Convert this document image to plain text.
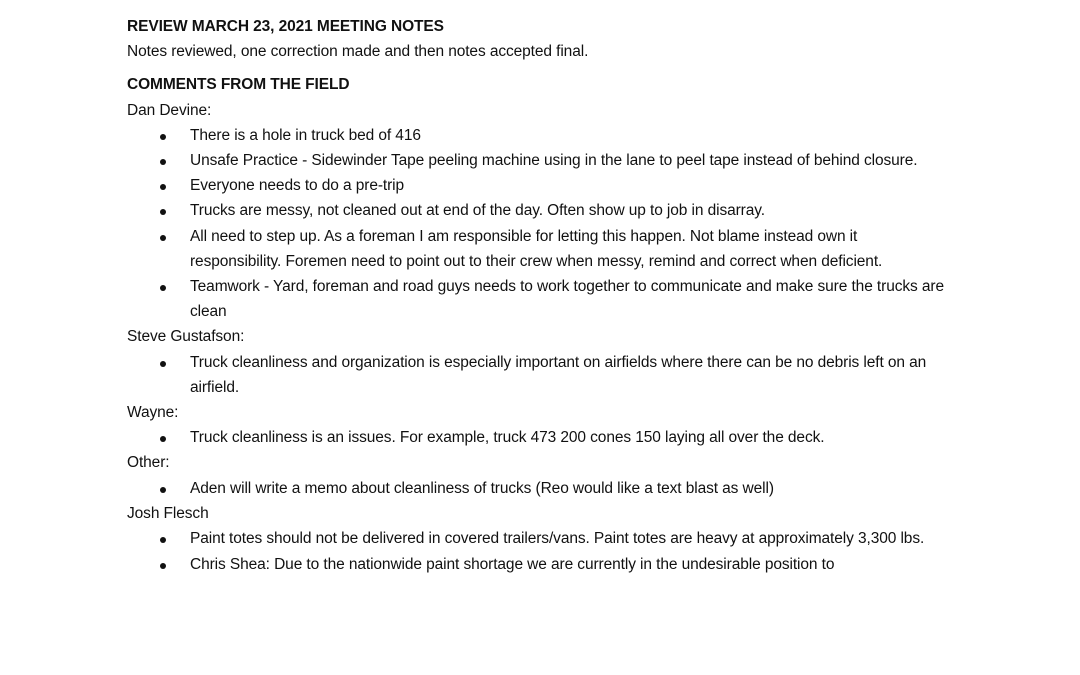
REVIEW MARCH 23, 2021 MEETING NOTES

Notes reviewed, one correction made and then notes accepted final.

COMMENTS FROM THE FIELD

Dan Devine:

There is a hole in truck bed of 416
Unsafe Practice - Sidewinder Tape peeling machine using in the lane to peel tape instead of behind closure.
Everyone needs to do a pre-trip
Trucks are messy, not cleaned out at end of the day. Often show up to job in disarray.
All need to step up. As a foreman I am responsible for letting this happen. Not blame instead own it responsibility. Foremen need to point out to their crew when messy, remind and correct when deficient.
Teamwork - Yard, foreman and road guys needs to work together to communicate and make sure the trucks are clean

Steve Gustafson:

Truck cleanliness and organization is especially important on airfields where there can be no debris left on an airfield.

Wayne:

Truck cleanliness is an issues. For example, truck 473 200 cones 150 laying all over the deck.

Other:

Aden will write a memo about cleanliness of trucks (Reo would like a text blast as well)

Josh Flesch

Paint totes should not be delivered in covered trailers/vans. Paint totes are heavy at approximately 3,300 lbs.
Chris Shea: Due to the nationwide paint shortage we are currently in the undesirable position to
